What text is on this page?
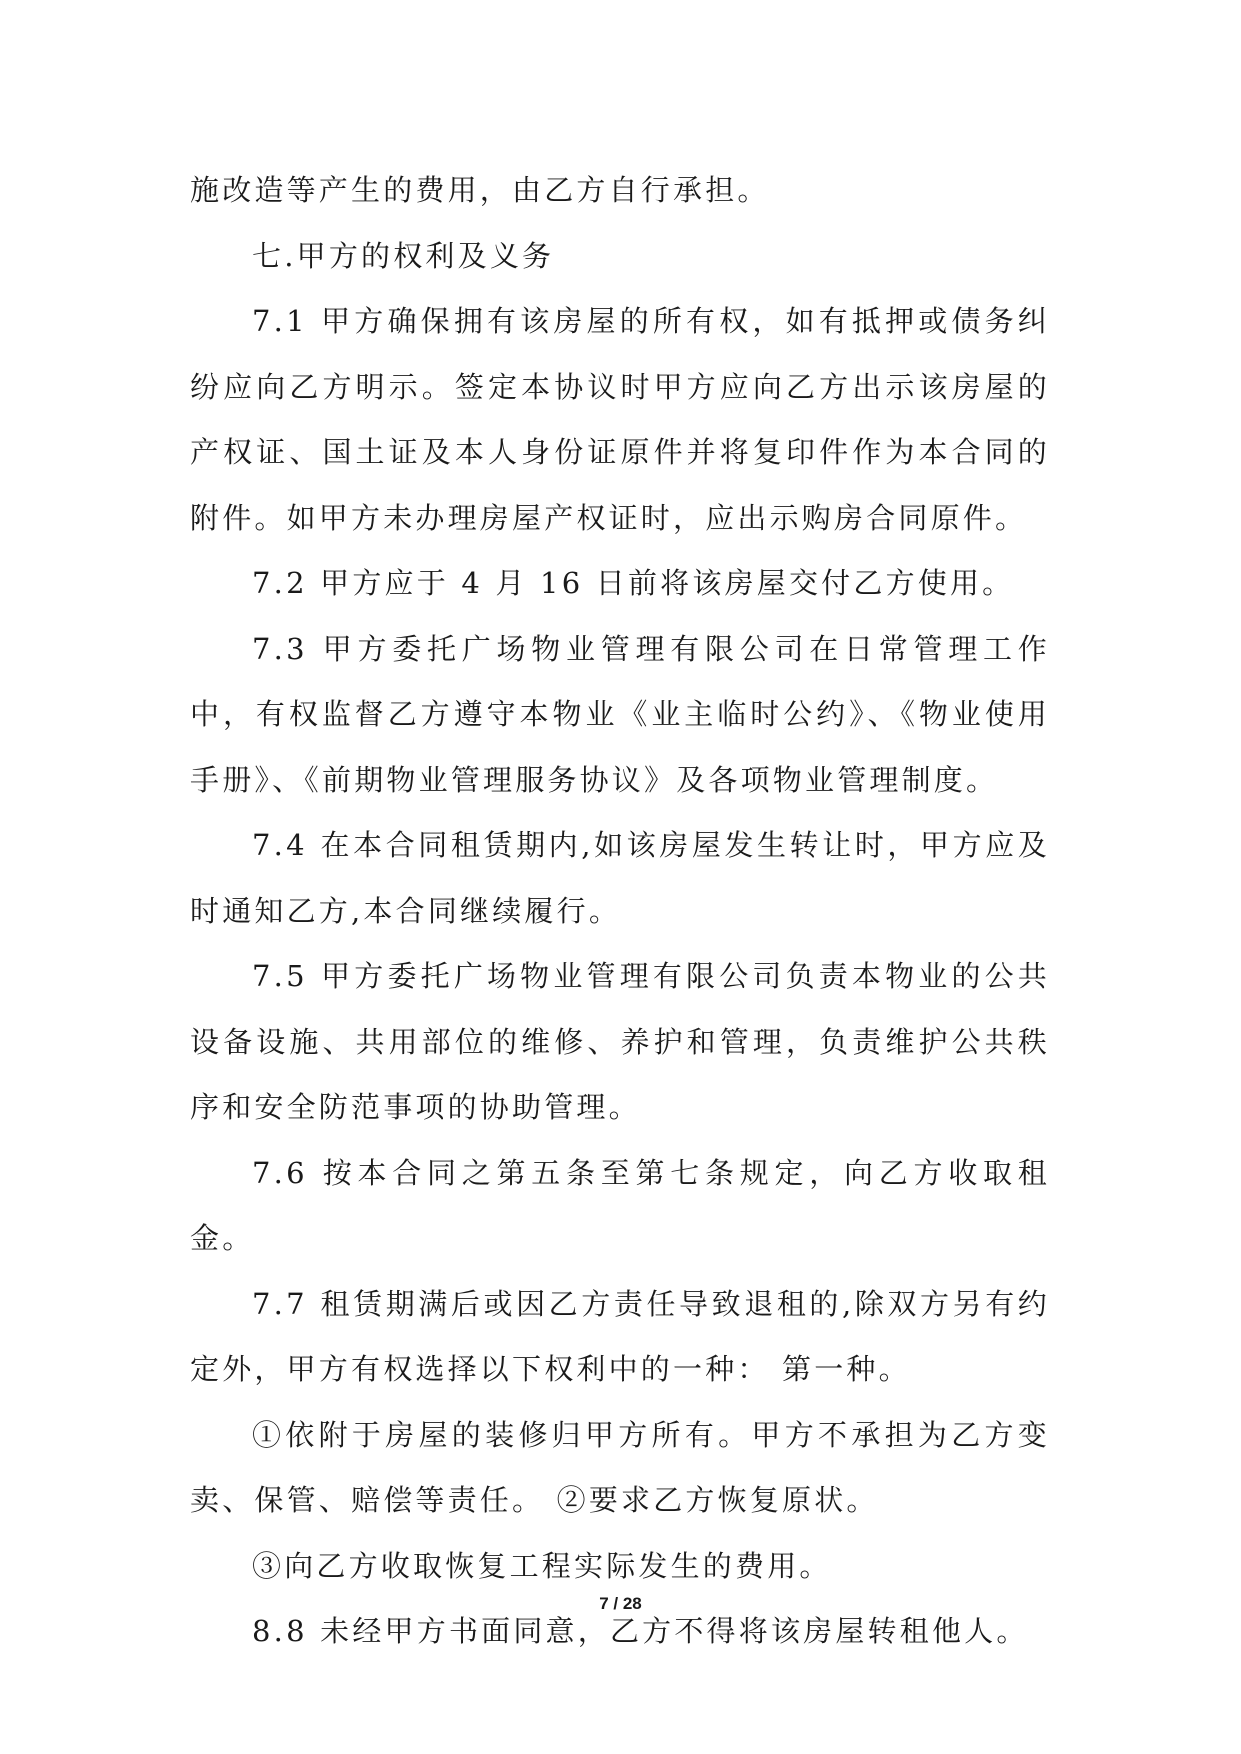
施改造等产生的费用，由乙方自行承担。

七.甲方的权利及义务

7.1 甲方确保拥有该房屋的所有权，如有抵押或债务纠纷应向乙方明示。签定本协议时甲方应向乙方出示该房屋的产权证、国土证及本人身份证原件并将复印件作为本合同的附件。如甲方未办理房屋产权证时，应出示购房合同原件。

7.2 甲方应于 4 月 16 日前将该房屋交付乙方使用。

7.3 甲方委托广场物业管理有限公司在日常管理工作中，有权监督乙方遵守本物业《业主临时公约》、《物业使用手册》、《前期物业管理服务协议》及各项物业管理制度。

7.4 在本合同租赁期内,如该房屋发生转让时，甲方应及时通知乙方,本合同继续履行。

7.5 甲方委托广场物业管理有限公司负责本物业的公共设备设施、共用部位的维修、养护和管理，负责维护公共秩序和安全防范事项的协助管理。

7.6 按本合同之第五条至第七条规定，向乙方收取租金。

7.7 租赁期满后或因乙方责任导致退租的,除双方另有约定外，甲方有权选择以下权利中的一种： 第一种。

①依附于房屋的装修归甲方所有。甲方不承担为乙方变卖、保管、赔偿等责任。 ②要求乙方恢复原状。

③向乙方收取恢复工程实际发生的费用。

8.8 未经甲方书面同意，乙方不得将该房屋转租他人。

7 / 28
